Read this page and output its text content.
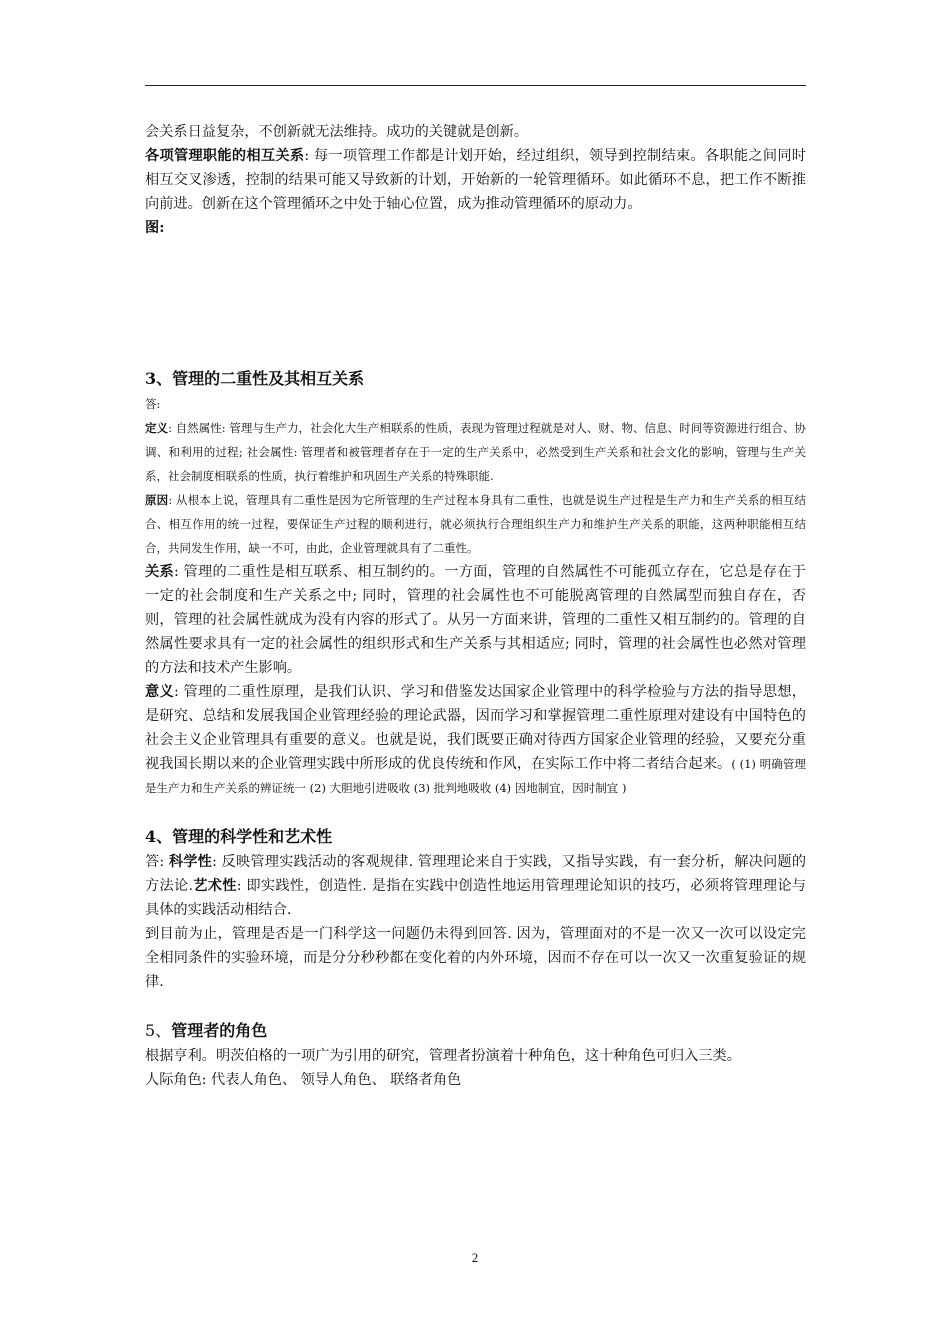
会关系日益复杂，不创新就无法维持。成功的关键就是创新。

各项管理职能的相互关系: 每一项管理工作都是计划开始，经过组织，领导到控制结束。各职能之间同时相互交叉渗透，控制的结果可能又导致新的计划，开始新的一轮管理循环。如此循环不息，把工作不断推向前进。创新在这个管理循环之中处于轴心位置，成为推动管理循环的原动力。

图:

3、管理的二重性及其相互关系

答:

定义: 自然属性: 管理与生产力，社会化大生产相联系的性质，表现为管理过程就是对人、财、物、信息、时间等资源进行组合、协调、和利用的过程; 社会属性: 管理者和被管理者存在于一定的生产关系中，必然受到生产关系和社会文化的影响，管理与生产关系，社会制度相联系的性质，执行着维护和巩固生产关系的特殊职能.

原因: 从根本上说，管理具有二重性是因为它所管理的生产过程本身具有二重性，也就是说生产过程是生产力和生产关系的相互结合、相互作用的统一过程，要保证生产过程的顺利进行，就必须执行合理组织生产力和维护生产关系的职能，这两种职能相互结合，共同发生作用，缺一不可，由此，企业管理就具有了二重性。

关系: 管理的二重性是相互联系、相互制约的。一方面，管理的自然属性不可能孤立存在，它总是存在于一定的社会制度和生产关系之中; 同时，管理的社会属性也不可能脱离管理的自然属型而独自存在，否则，管理的社会属性就成为没有内容的形式了。从另一方面来讲，管理的二重性又相互制约的。管理的自然属性要求具有一定的社会属性的组织形式和生产关系与其相适应; 同时，管理的社会属性也必然对管理的方法和技术产生影响。

意义: 管理的二重性原理，是我们认识、学习和借鉴发达国家企业管理中的科学检验与方法的指导思想，是研究、总结和发展我国企业管理经验的理论武器，因而学习和掌握管理二重性原理对建设有中国特色的社会主义企业管理具有重要的意义。也就是说，我们既要正确对待西方国家企业管理的经验，又要充分重视我国长期以来的企业管理实践中所形成的优良传统和作风，在实际工作中将二者结合起来。( (1) 明确管理是生产力和生产关系的辨证统一 (2) 大胆地引进吸收 (3) 批判地吸收 (4) 因地制宜，因时制宜 )

4、管理的科学性和艺术性

答: 科学性: 反映管理实践活动的客观规律. 管理理论来自于实践，又指导实践，有一套分析，解决问题的方法论.艺术性: 即实践性，创造性. 是指在实践中创造性地运用管理理论知识的技巧，必须将管理理论与具体的实践活动相结合.

到目前为止，管理是否是一门科学这一问题仍未得到回答. 因为，管理面对的不是一次又一次可以设定完全相同条件的实验环境，而是分分秒秒都在变化着的内外环境，因而不存在可以一次又一次重复验证的规律.

5、管理者的角色

根据亨利。明茨伯格的一项广为引用的研究，管理者扮演着十种角色，这十种角色可归入三类。

人际角色: 代表人角色、 领导人角色、 联络者角色

2
